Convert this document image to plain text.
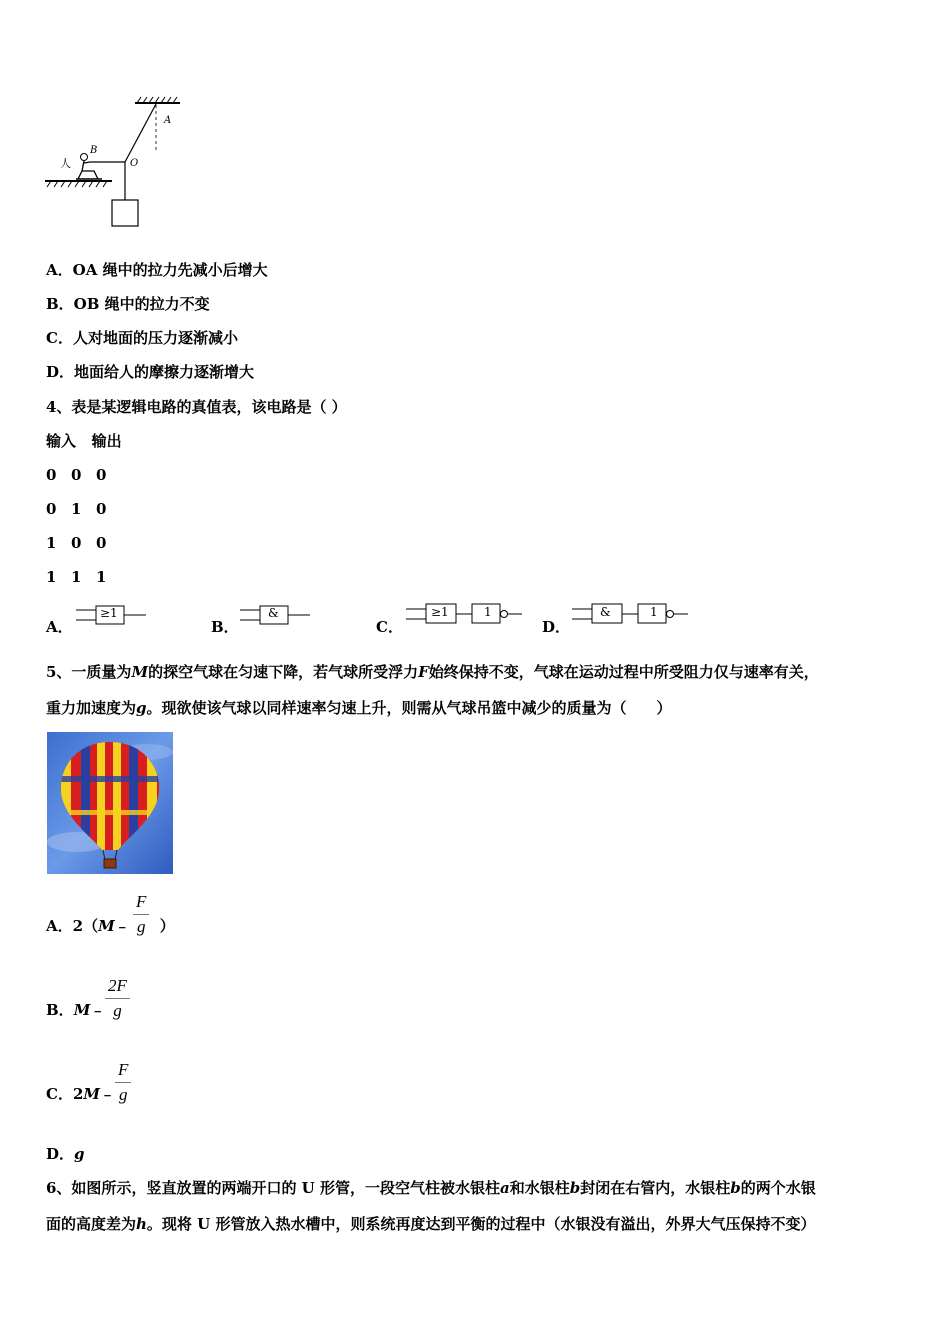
A
B
O
人
A．OA 绳中的拉力先减小后增大
B．OB 绳中的拉力不变
C．人对地面的压力逐渐减小
D．地面给人的摩擦力逐渐增大
4、表是某逻辑电路的真值表，该电路是（ ）
输入   输出
0 0 0
0 1 0
1 0 0
1 1 1
A．
≥1
B．
&
C．
≥1	1
D．
&	1
5、一质量为M的探空气球在匀速下降，若气球所受浮力F始终保持不变，气球在运动过程中所受阻力仅与速率有关，
重力加速度为g。现欲使该气球以同样速率匀速上升，则需从气球吊篮中减少的质量为（　　）
A．2（M﹣ ）
F
g
B．M﹣
2F
g
C．2M﹣
F
g
D．g
6、如图所示，竖直放置的两端开口的 U 形管，一段空气柱被水银柱a和水银柱b封闭在右管内，水银柱b的两个水银
面的高度差为h。现将 U 形管放入热水槽中，则系统再度达到平衡的过程中（水银没有溢出，外界大气压保持不变）
